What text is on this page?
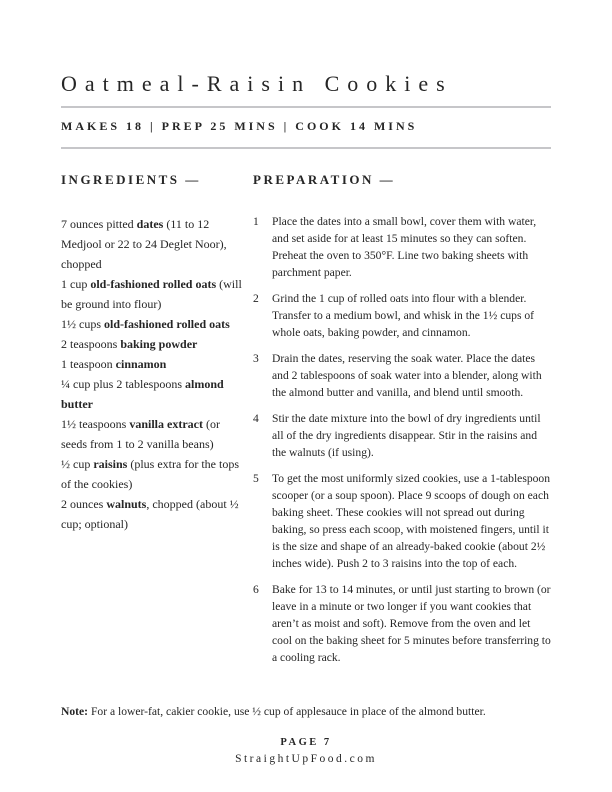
Oatmeal-Raisin Cookies
MAKES 18 | PREP 25 MINS | COOK 14 MINS
INGREDIENTS —
7 ounces pitted dates (11 to 12 Medjool or 22 to 24 Deglet Noor), chopped
1 cup old-fashioned rolled oats (will be ground into flour)
1½ cups old-fashioned rolled oats
2 teaspoons baking powder
1 teaspoon cinnamon
¼ cup plus 2 tablespoons almond butter
1½ teaspoons vanilla extract (or seeds from 1 to 2 vanilla beans)
½ cup raisins (plus extra for the tops of the cookies)
2 ounces walnuts, chopped (about ½ cup; optional)
PREPARATION —
1	Place the dates into a small bowl, cover them with water, and set aside for at least 15 minutes so they can soften. Preheat the oven to 350°F. Line two baking sheets with parchment paper.
2	Grind the 1 cup of rolled oats into flour with a blender. Transfer to a medium bowl, and whisk in the 1½ cups of whole oats, baking powder, and cinnamon.
3	Drain the dates, reserving the soak water. Place the dates and 2 tablespoons of soak water into a blender, along with the almond butter and vanilla, and blend until smooth.
4	Stir the date mixture into the bowl of dry ingredients until all of the dry ingredients disappear. Stir in the raisins and the walnuts (if using).
5	To get the most uniformly sized cookies, use a 1-tablespoon scooper (or a soup spoon). Place 9 scoops of dough on each baking sheet. These cookies will not spread out during baking, so press each scoop, with moistened fingers, until it is the size and shape of an already-baked cookie (about 2½ inches wide). Push 2 to 3 raisins into the top of each.
6	Bake for 13 to 14 minutes, or until just starting to brown (or leave in a minute or two longer if you want cookies that aren’t as moist and soft). Remove from the oven and let cool on the baking sheet for 5 minutes before transferring to a cooling rack.
Note: For a lower-fat, cakier cookie, use ½ cup of applesauce in place of the almond butter.
PAGE 7
StraightUpFood.com
